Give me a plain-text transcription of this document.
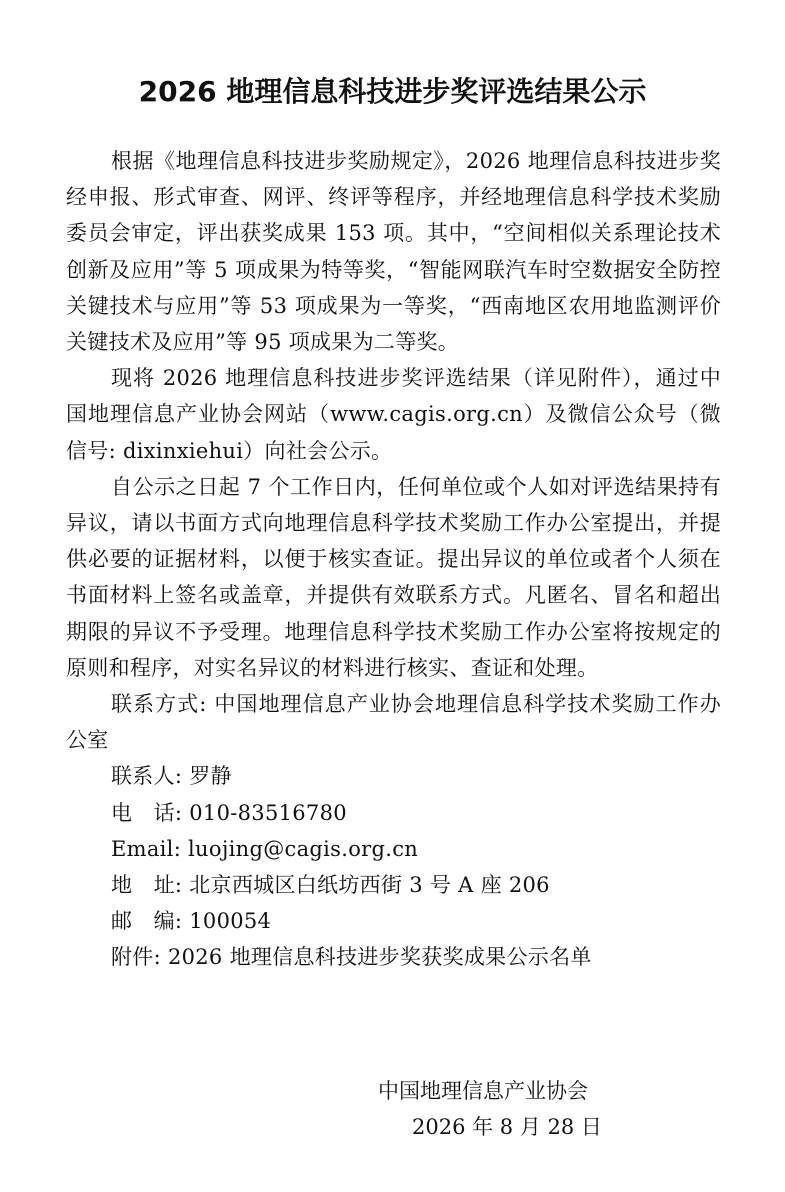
2026 地理信息科技进步奖评选结果公示

根据《地理信息科技进步奖励规定》，2026 地理信息科技进步奖经申报、形式审查、网评、终评等程序，并经地理信息科学技术奖励委员会审定，评出获奖成果 153 项。其中，“空间相似关系理论技术创新及应用”等 5 项成果为特等奖，“智能网联汽车时空数据安全防控关键技术与应用”等 53 项成果为一等奖，“西南地区农用地监测评价关键技术及应用”等 95 项成果为二等奖。

现将 2026 地理信息科技进步奖评选结果（详见附件），通过中国地理信息产业协会网站（www.cagis.org.cn）及微信公众号（微信号: dixinxiehui）向社会公示。

自公示之日起 7 个工作日内，任何单位或个人如对评选结果持有异议，请以书面方式向地理信息科学技术奖励工作办公室提出，并提供必要的证据材料，以便于核实查证。提出异议的单位或者个人须在书面材料上签名或盖章，并提供有效联系方式。凡匿名、冒名和超出期限的异议不予受理。地理信息科学技术奖励工作办公室将按规定的原则和程序，对实名异议的材料进行核实、查证和处理。

联系方式: 中国地理信息产业协会地理信息科学技术奖励工作办公室

联系人: 罗静

电　话: 010-83516780

Email: luojing@cagis.org.cn

地　址: 北京西城区白纸坊西街 3 号 A 座 206

邮　编: 100054

附件: 2026 地理信息科技进步奖获奖成果公示名单

中国地理信息产业协会
2026 年 8 月 28 日
